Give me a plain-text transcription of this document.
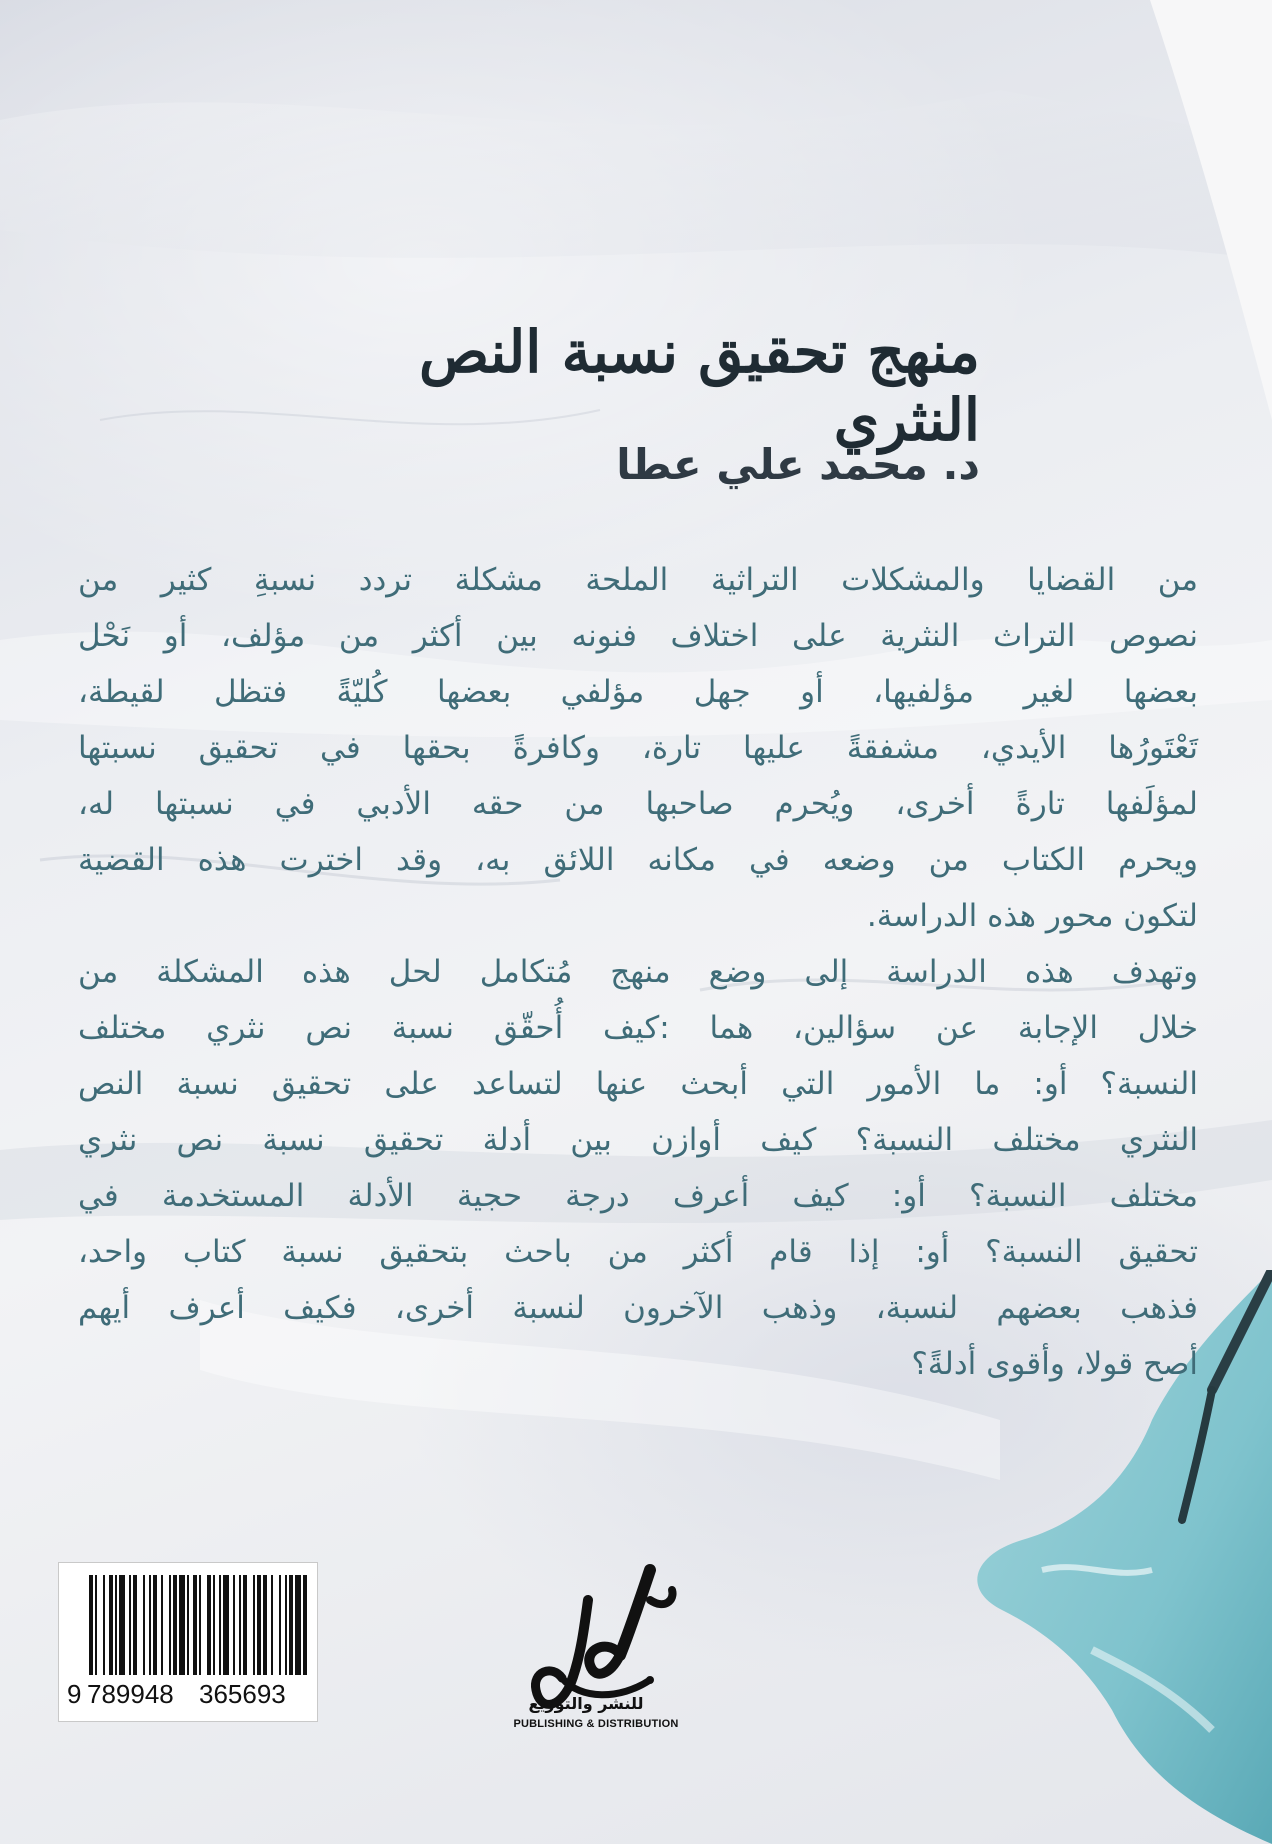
منهج تحقيق نسبة النص النثري
د. محمد علي عطا
من القضايا والمشكلات التراثية الملحة مشكلة تردد نسبةِ كثير من
نصوص التراث النثرية على اختلاف فنونه بين أكثر من مؤلف، أو نَحْل
بعضها لغير مؤلفيها، أو جهل مؤلفي بعضها كُليّةً فتظل لقيطة،
تَعْتَورُها الأيدي، مشفقةً عليها تارة، وكافرةً بحقها في تحقيق نسبتها
لمؤلَفها تارةً أخرى، ويُحرم صاحبها من حقه الأدبي في نسبتها له،
ويحرم الكتاب من وضعه في مكانه اللائق به، وقد اخترت هذه القضية
لتكون محور هذه الدراسة.
وتهدف هذه الدراسة إلى وضع منهج مُتكامل لحل هذه المشكلة من
خلال الإجابة عن سؤالين، هما :كيف أُحقّق نسبة نص نثري مختلف
النسبة؟ أو: ما الأمور التي أبحث عنها لتساعد على تحقيق نسبة النص
النثري مختلف النسبة؟ كيف أوازن بين أدلة تحقيق نسبة نص نثري
مختلف النسبة؟ أو: كيف أعرف درجة حجية الأدلة المستخدمة في
تحقيق النسبة؟ أو: إذا قام أكثر من باحث بتحقيق نسبة كتاب واحد،
فذهب بعضهم لنسبة، وذهب الآخرون لنسبة أخرى، فكيف أعرف أيهم
أصح قولا، وأقوى أدلةً؟
9 789948 365693	للنشر والتوزيع
PUBLISHING & DISTRIBUTION
